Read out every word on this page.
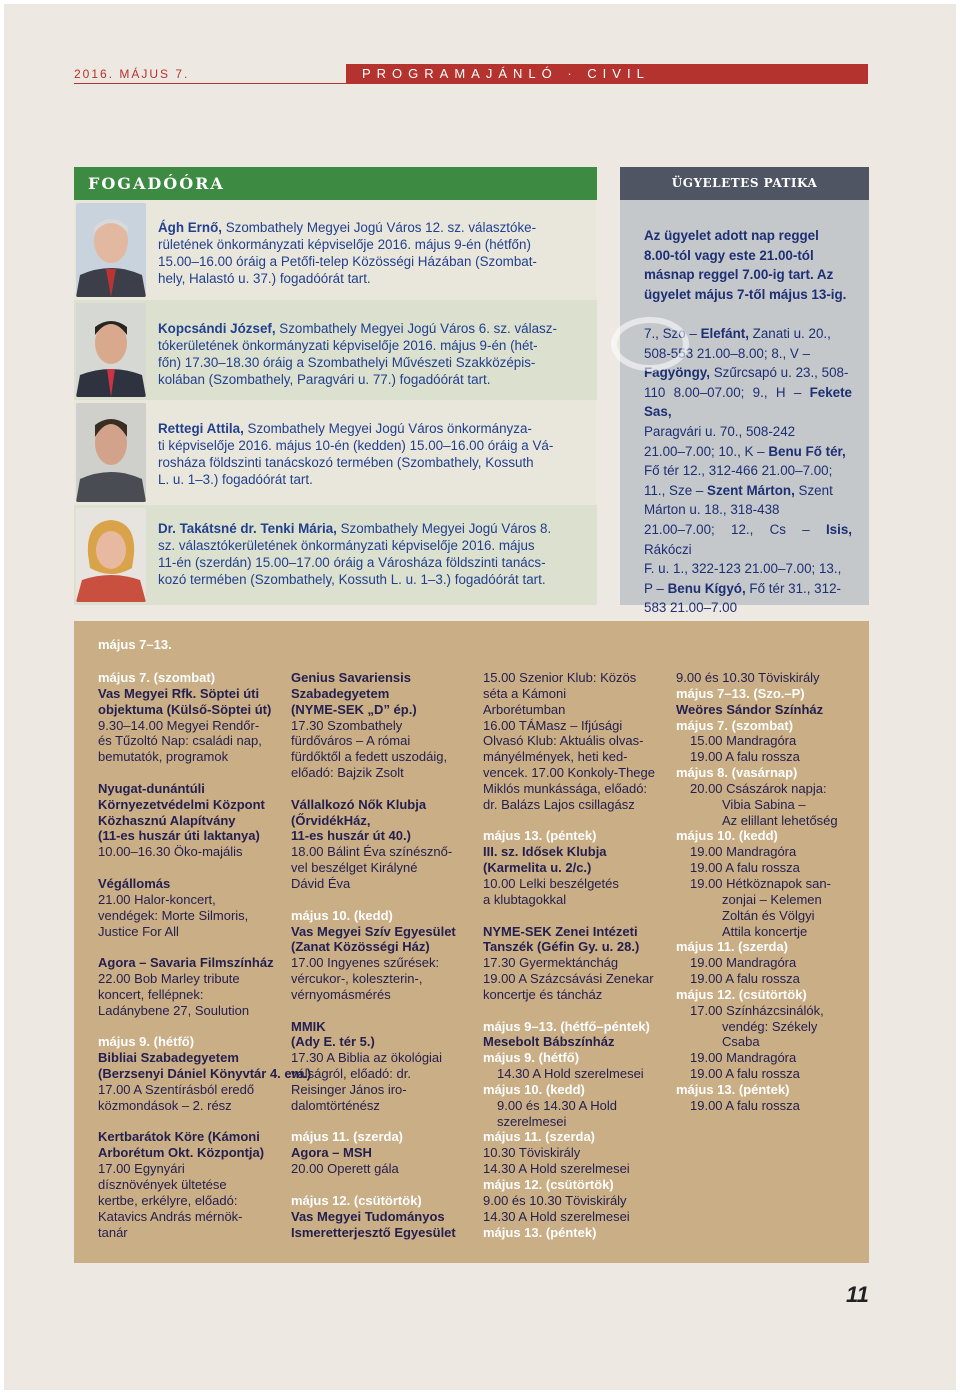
2016. MÁJUS 7.	PROGRAMAJÁNLÓ · CIVIL
FOGADÓÓRA
Ágh Ernő, Szombathely Megyei Jogú Város 12. sz. választóke-
rületének önkormányzati képviselője 2016. május 9-én (hétfőn)
15.00–16.00 óráig a Petőfi-telep Közösségi Házában (Szombat-
hely, Halastó u. 37.) fogadóórát tart.
Kopcsándi József, Szombathely Megyei Jogú Város 6. sz. válasz-
tókerületének önkormányzati képviselője 2016. május 9-én (hét-
főn) 17.30–18.30 óráig a Szombathelyi Művészeti Szakközépis-
kolában (Szombathely, Paragvári u. 77.) fogadóórát tart.
Rettegi Attila, Szombathely Megyei Jogú Város önkormányza-
ti képviselője 2016. május 10-én (kedden) 15.00–16.00 óráig a Vá-
rosháza földszinti tanácskozó termében (Szombathely, Kossuth
L. u. 1–3.) fogadóórát tart.
Dr. Takátsné dr. Tenki Mária, Szombathely Megyei Jogú Város 8.
sz. választókerületének önkormányzati képviselője 2016. május
11-én (szerdán) 15.00–17.00 óráig a Városháza földszinti tanács-
kozó termében (Szombathely, Kossuth L. u. 1–3.) fogadóórát tart.
ÜGYELETES PATIKA
Az ügyelet adott nap reggel
8.00-tól vagy este 21.00-tól
másnap reggel 7.00-ig tart. Az
ügyelet május 7-től május 13-ig.
7., Szo – Elefánt, Zanati u. 20.,
508-553 21.00–8.00; 8., V –
Fagyöngy, Szűrcsapó u. 23., 508-
110 8.00–07.00; 9., H – Fekete Sas,
Paragvári u. 70., 508-242
21.00–7.00; 10., K – Benu Fő tér,
Fő tér 12., 312-466 21.00–7.00;
11., Sze – Szent Márton, Szent
Márton u. 18., 318-438
21.00–7.00; 12., Cs – Isis, Rákóczi
F. u. 1., 322-123 21.00–7.00; 13.,
P – Benu Kígyó, Fő tér 31., 312-
583 21.00–7.00
május 7–13.

május 7. (szombat)

Vas Megyei Rfk. Söptei úti

objektuma (Külső-Söptei út)

9.30–14.00 Megyei Rendőr-

és Tűzoltó Nap: családi nap,

bemutatók, programok

Nyugat-dunántúli

Környezetvédelmi Központ

Közhasznú Alapítvány

(11-es huszár úti laktanya)

10.00–16.30 Öko-majális

Végállomás

21.00 Halor-koncert,

vendégek: Morte Silmoris,

Justice For All

Agora – Savaria Filmszínház

22.00 Bob Marley tribute

koncert, fellépnek:

Ladánybene 27, Soulution

május 9. (hétfő)

Bibliai Szabadegyetem

(Berzsenyi Dániel Könyvtár 4. em.)

17.00 A Szentírásból eredő

közmondások – 2. rész

Kertbarátok Köre (Kámoni

Arborétum Okt. Központja)

17.00 Egynyári

dísznövények ültetése

kertbe, erkélyre, előadó:

Katavics András mérnök-

tanár

Genius Savariensis

Szabadegyetem

(NYME-SEK „D” ép.)

17.30 Szombathely

fürdőváros – A római

fürdőktől a fedett uszodáig,

előadó: Bajzik Zsolt

Vállalkozó Nők Klubja

(ŐrvidékHáz,

11-es huszár út 40.)

18.00 Bálint Éva színésznő-

vel beszélget Királyné

Dávid Éva

május 10. (kedd)

Vas Megyei Szív Egyesület

(Zanat Közösségi Ház)

17.00 Ingyenes szűrések:

vércukor-, koleszterin-,

vérnyomásmérés

MMIK

(Ady E. tér 5.)

17.30 A Biblia az ökológiai

válságról, előadó: dr.

Reisinger János iro-

dalomtörténész

május 11. (szerda)

Agora – MSH

20.00 Operett gála

május 12. (csütörtök)

Vas Megyei Tudományos

Ismeretterjesztő Egyesület

15.00 Szenior Klub: Közös

séta a Kámoni

Arborétumban

16.00 TÁMasz – Ifjúsági

Olvasó Klub: Aktuális olvas-

mányélmények, heti ked-

vencek. 17.00 Konkoly-Thege

Miklós munkássága, előadó:

dr. Balázs Lajos csillagász

május 13. (péntek)

III. sz. Idősek Klubja

(Karmelita u. 2/c.)

10.00 Lelki beszélgetés

a klubtagokkal

NYME-SEK Zenei Intézeti

Tanszék (Géfin Gy. u. 28.)

17.30 Gyermektánchág

19.00 A Százcsávási Zenekar

koncertje és táncház

május 9–13. (hétfő–péntek)

Mesebolt Bábszínház

május 9. (hétfő)

14.30 A Hold szerelmesei

május 10. (kedd)

9.00 és 14.30 A Hold

szerelmesei

május 11. (szerda)

10.30 Töviskirály

14.30 A Hold szerelmesei

május 12. (csütörtök)

9.00 és 10.30 Töviskirály

14.30 A Hold szerelmesei

május 13. (péntek)

9.00 és 10.30 Töviskirály

május 7–13. (Szo.–P)

Weöres Sándor Színház

május 7. (szombat)

15.00 Mandragóra

19.00 A falu rossza

május 8. (vasárnap)

20.00 Császárok napja:

Vibia Sabina –

Az elillant lehetőség

május 10. (kedd)

19.00 Mandragóra

19.00 A falu rossza

19.00 Hétköznapok san-

zonjai – Kelemen

Zoltán és Völgyi

Attila koncertje

május 11. (szerda)

19.00 Mandragóra

19.00 A falu rossza

május 12. (csütörtök)

17.00 Színházcsinálók,

vendég: Székely

Csaba

19.00 Mandragóra

19.00 A falu rossza

május 13. (péntek)

19.00 A falu rossza

11
